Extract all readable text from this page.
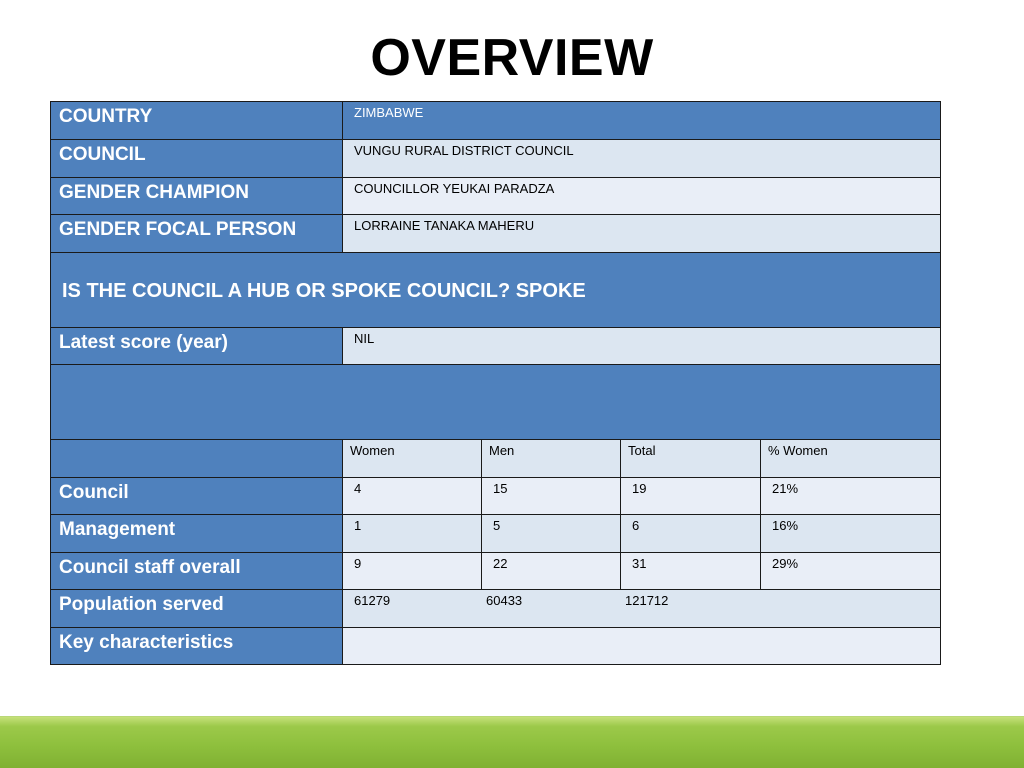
OVERVIEW
COUNTRY	ZIMBABWE			
COUNCIL	VUNGU RURAL DISTRICT COUNCIL			
GENDER CHAMPION	COUNCILLOR YEUKAI PARADZA			
GENDER FOCAL PERSON	LORRAINE TANAKA MAHERU			
IS THE COUNCIL A HUB OR SPOKE COUNCIL? SPOKE				
Latest score (year)	NIL			

	Women	Men	Total	% Women
Council	4	15	19	21%
Management	1	5	6	16%
Council staff overall	9	22	31	29%
Population served	61279 60433 121712			

Key characteristics				
